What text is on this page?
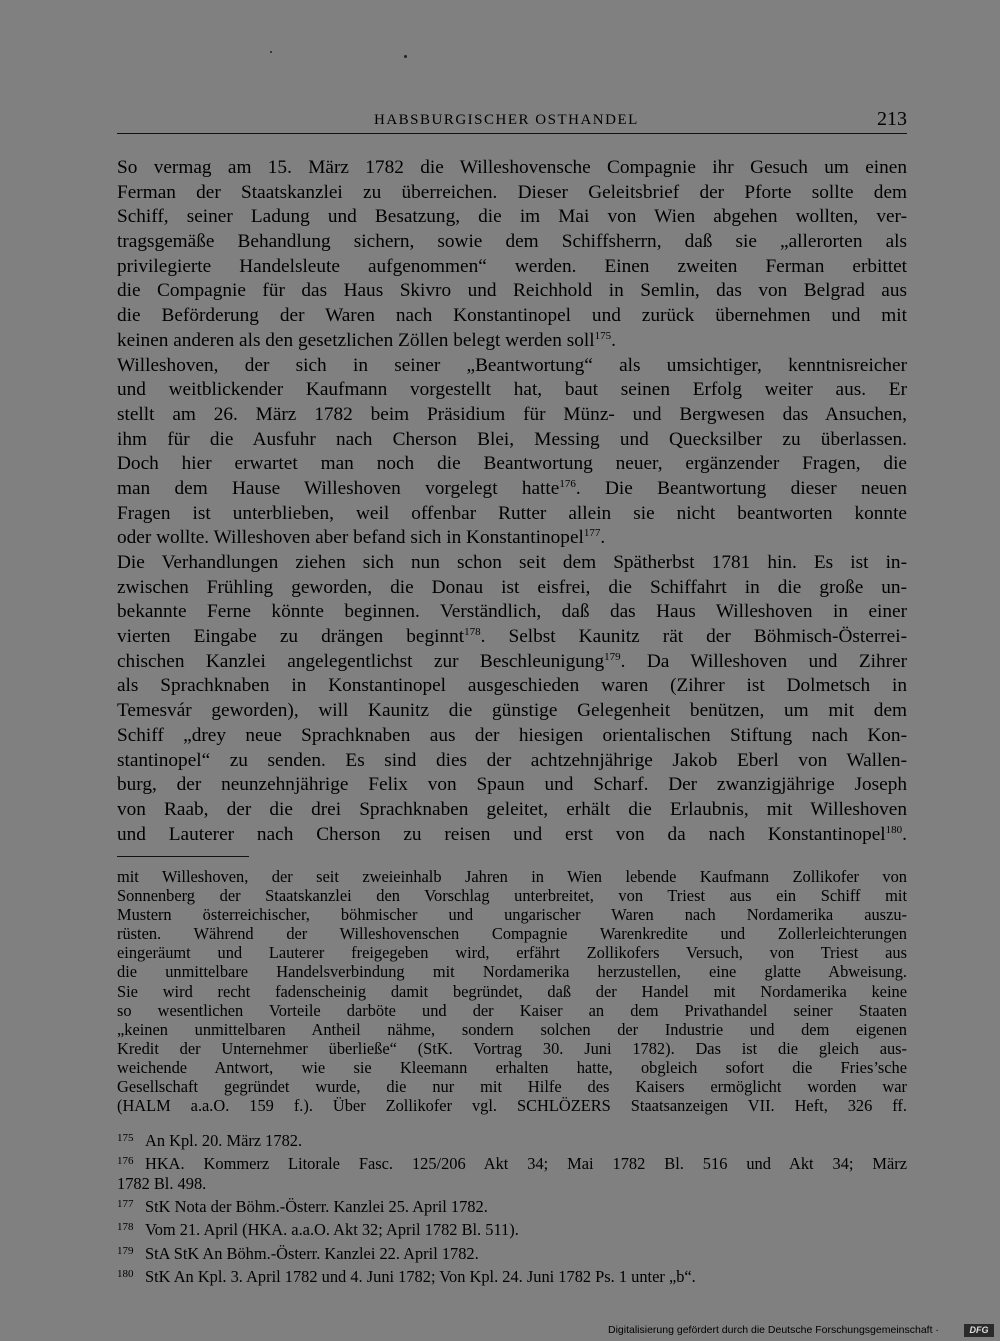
HABSBURGISCHER OSTHANDEL	213
So vermag am 15. März 1782 die Willeshovensche Compagnie ihr Gesuch um einen
Ferman der Staatskanzlei zu überreichen. Dieser Geleitsbrief der Pforte sollte dem
Schiff, seiner Ladung und Besatzung, die im Mai von Wien abgehen wollten, ver-
tragsgemäße Behandlung sichern, sowie dem Schiffsherrn, daß sie „allerorten als
privilegierte Handelsleute aufgenommen“ werden. Einen zweiten Ferman erbittet
die Compagnie für das Haus Skivro und Reichhold in Semlin, das von Belgrad aus
die Beförderung der Waren nach Konstantinopel und zurück übernehmen und mit
keinen anderen als den gesetzlichen Zöllen belegt werden soll$^{175}$.
Willeshoven, der sich in seiner „Beantwortung“ als umsichtiger, kenntnisreicher
und weitblickender Kaufmann vorgestellt hat, baut seinen Erfolg weiter aus. Er
stellt am 26. März 1782 beim Präsidium für Münz- und Bergwesen das Ansuchen,
ihm für die Ausfuhr nach Cherson Blei, Messing und Quecksilber zu überlassen.
Doch hier erwartet man noch die Beantwortung neuer, ergänzender Fragen, die
man dem Hause Willeshoven vorgelegt hatte$^{176}$. Die Beantwortung dieser neuen
Fragen ist unterblieben, weil offenbar Rutter allein sie nicht beantworten konnte
oder wollte. Willeshoven aber befand sich in Konstantinopel$^{177}$.
Die Verhandlungen ziehen sich nun schon seit dem Spätherbst 1781 hin. Es ist in-
zwischen Frühling geworden, die Donau ist eisfrei, die Schiffahrt in die große un-
bekannte Ferne könnte beginnen. Verständlich, daß das Haus Willeshoven in einer
vierten Eingabe zu drängen beginnt$^{178}$. Selbst Kaunitz rät der Böhmisch-Österrei-
chischen Kanzlei angelegentlichst zur Beschleunigung$^{179}$. Da Willeshoven und Zihrer
als Sprachknaben in Konstantinopel ausgeschieden waren (Zihrer ist Dolmetsch in
Temesvár geworden), will Kaunitz die günstige Gelegenheit benützen, um mit dem
Schiff „drey neue Sprachknaben aus der hiesigen orientalischen Stiftung nach Kon-
stantinopel“ zu senden. Es sind dies der achtzehnjährige Jakob Eberl von Wallen-
burg, der neunzehnjährige Felix von Spaun und Scharf. Der zwanzigjährige Joseph
von Raab, der die drei Sprachknaben geleitet, erhält die Erlaubnis, mit Willeshoven
und Lauterer nach Cherson zu reisen und erst von da nach Konstantinopel$^{180}$.
mit Willeshoven, der seit zweieinhalb Jahren in Wien lebende Kaufmann Zollikofer von
Sonnenberg der Staatskanzlei den Vorschlag unterbreitet, von Triest aus ein Schiff mit
Mustern österreichischer, böhmischer und ungarischer Waren nach Nordamerika auszu-
rüsten. Während der Willeshovenschen Compagnie Warenkredite und Zollerleichterungen
eingeräumt und Lauterer freigegeben wird, erfährt Zollikofers Versuch, von Triest aus
die unmittelbare Handelsverbindung mit Nordamerika herzustellen, eine glatte Abweisung.
Sie wird recht fadenscheinig damit begründet, daß der Handel mit Nordamerika keine
so wesentlichen Vorteile darböte und der Kaiser an dem Privathandel seiner Staaten
„keinen unmittelbaren Antheil nähme, sondern solchen der Industrie und dem eigenen
Kredit der Unternehmer überließe“ (StK. Vortrag 30. Juni 1782). Das ist die gleich aus-
weichende Antwort, wie sie Kleemann erhalten hatte, obgleich sofort die Fries’sche
Gesellschaft gegründet wurde, die nur mit Hilfe des Kaisers ermöglicht worden war
(HALM a.a.O. 159 f.). Über Zollikofer vgl. SCHLÖZERS Staatsanzeigen VII. Heft, 326 ff.
175 An Kpl. 20. März 1782.
176 HKA. Kommerz Litorale Fasc. 125/206 Akt 34; Mai 1782 Bl. 516 und Akt 34; März
1782 Bl. 498.
177 StK Nota der Böhm.-Österr. Kanzlei 25. April 1782.
178 Vom 21. April (HKA. a.a.O. Akt 32; April 1782 Bl. 511).
179 StA StK An Böhm.-Österr. Kanzlei 22. April 1782.
180 StK An Kpl. 3. April 1782 und 4. Juni 1782; Von Kpl. 24. Juni 1782 Ps. 1 unter „b“.
Digitalisierung gefördert durch die Deutsche Forschungsgemeinschaft ·	DFG
